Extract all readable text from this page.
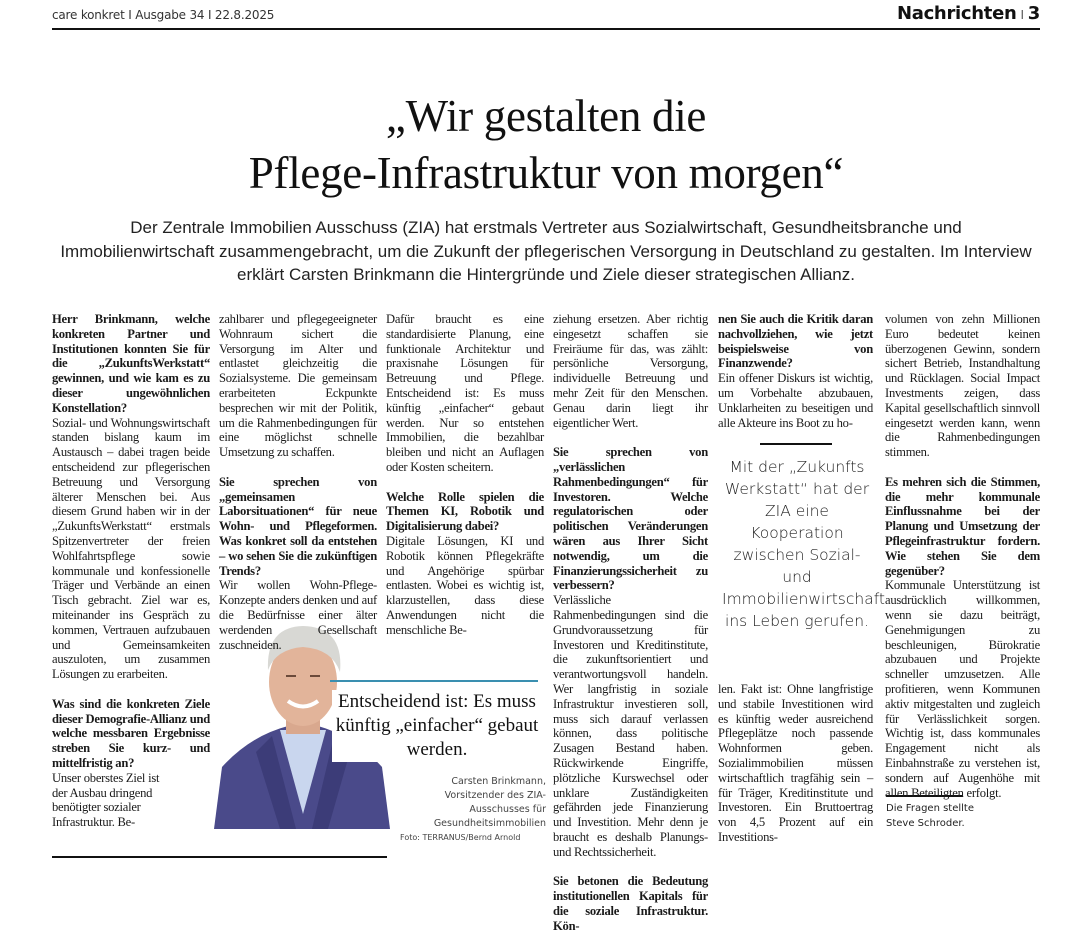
care konkret I Ausgabe 34 I 22.8.2025	Nachrichten I 3
„Wir gestalten die
Pflege-Infrastruktur von morgen“
Der Zentrale Immobilien Ausschuss (ZIA) hat erstmals Vertreter aus Sozialwirtschaft, Gesundheitsbranche und Immobilienwirtschaft zusammengebracht, um die Zukunft der pflegerischen Versorgung in Deutschland zu gestalten. Im Interview erklärt Carsten Brinkmann die Hintergründe und Ziele dieser strategischen Allianz.

Herr Brinkmann, welche konkreten Partner und Institutionen konnten Sie für die „ZukunftsWerkstatt“ gewinnen, und wie kam es zu dieser ungewöhnlichen Konstellation?

Sozial- und Wohnungswirtschaft standen bislang kaum im Austausch – dabei tragen beide entscheidend zur pflegerischen Betreuung und Versorgung älterer Menschen bei. Aus diesem Grund haben wir in der „ZukunftsWerkstatt“ erstmals Spitzenvertreter der freien Wohlfahrtspflege sowie kommunale und konfessionelle Träger und Verbände an einen Tisch gebracht. Ziel war es, miteinander ins Gespräch zu kommen, Vertrauen aufzubauen und Gemeinsamkeiten auszuloten, um zusammen Lösungen zu erarbeiten.

Was sind die konkreten Ziele dieser Demografie-Allianz und welche messbaren Ergebnisse streben Sie kurz- und mittelfristig an?

Unser oberstes Ziel ist der Ausbau dringend benötigter sozialer Infrastruktur. Be-

zahlbarer und pflegegeeigneter Wohnraum sichert die Versorgung im Alter und entlastet gleichzeitig die Sozialsysteme. Die gemeinsam erarbeiteten Eckpunkte besprechen wir mit der Politik, um die Rahmenbedingungen für eine möglichst schnelle Umsetzung zu schaffen.

Sie sprechen von „gemeinsamen Laborsituationen“ für neue Wohn- und Pflegeformen. Was konkret soll da entstehen – wo sehen Sie die zukünftigen Trends?

Wir wollen Wohn-Pflege-Konzepte anders denken und auf die Bedürfnisse einer älter werdenden Gesellschaft zuschneiden.

Dafür braucht es eine standardisierte Planung, eine funktionale Architektur und praxisnahe Lösungen für Betreuung und Pflege. Entscheidend ist: Es muss künftig „einfacher“ gebaut werden. Nur so entstehen Immobilien, die bezahlbar bleiben und nicht an Auflagen oder Kosten scheitern.

Welche Rolle spielen die Themen KI, Robotik und Digitalisierung dabei?

Digitale Lösungen, KI und Robotik können Pflegekräfte und Angehörige spürbar entlasten. Wobei es wichtig ist, klarzustellen, dass diese Anwendungen nicht die menschliche Be-

ziehung ersetzen. Aber richtig eingesetzt schaffen sie Freiräume für das, was zählt: persönliche Versorgung, individuelle Betreuung und mehr Zeit für den Menschen. Genau darin liegt ihr eigentlicher Wert.

Sie sprechen von „verlässlichen Rahmenbedingungen“ für Investoren. Welche regulatorischen oder politischen Veränderungen wären aus Ihrer Sicht notwendig, um die Finanzierungssicherheit zu verbessern?

Verlässliche Rahmenbedingungen sind die Grundvoraussetzung für Investoren und Kreditinstitute, die zukunftsorientiert und verantwortungsvoll handeln. Wer langfristig in soziale Infrastruktur investieren soll, muss sich darauf verlassen können, dass politische Zusagen Bestand haben. Rückwirkende Eingriffe, plötzliche Kurswechsel oder unklare Zuständigkeiten gefährden jede Finanzierung und Investition. Mehr denn je braucht es deshalb Planungs- und Rechtssicherheit.

Sie betonen die Bedeutung institutionellen Kapitals für die soziale Infrastruktur. Kön-

nen Sie auch die Kritik daran nachvollziehen, wie jetzt beispielsweise von Finanzwende?

Ein offener Diskurs ist wichtig, um Vorbehalte abzubauen, Unklarheiten zu beseitigen und alle Akteure ins Boot zu ho-

len. Fakt ist: Ohne langfristige und stabile Investitionen wird es künftig weder ausreichend Pflegeplätze noch passende Wohnformen geben. Sozialimmobilien müssen wirtschaftlich tragfähig sein – für Träger, Kreditinstitute und Investoren. Ein Bruttoertrag von 4,5 Prozent auf ein Investitions-

volumen von zehn Millionen Euro bedeutet keinen überzogenen Gewinn, sondern sichert Betrieb, Instandhaltung und Rücklagen. Social Impact Investments zeigen, dass Kapital gesellschaftlich sinnvoll eingesetzt werden kann, wenn die Rahmenbedingungen stimmen.

Es mehren sich die Stimmen, die mehr kommunale Einflussnahme bei der Planung und Umsetzung der Pflegeinfrastruktur fordern. Wie stehen Sie dem gegenüber?

Kommunale Unterstützung ist ausdrücklich willkommen, wenn sie dazu beiträgt, Genehmigungen zu beschleunigen, Bürokratie abzubauen und Projekte schneller umzusetzen. Alle profitieren, wenn Kommunen aktiv mitgestalten und zugleich für Verlässlichkeit sorgen. Wichtig ist, dass kommunales Engagement nicht als Einbahnstraße zu verstehen ist, sondern auf Augenhöhe mit allen Beteiligten erfolgt.

Entscheidend ist: Es muss künftig „einfacher“ gebaut werden.
Carsten Brinkmann, Vorsitzender des ZIA-Ausschusses für Gesundheitsimmobilien
Foto: TERRANUS/Bernd Arnold
Mit der „Zukunfts Werkstatt“ hat der ZIA eine Kooperation zwischen Sozial- und Immobilienwirtschaft ins Leben gerufen.
Die Fragen stellte
Steve Schroder.
